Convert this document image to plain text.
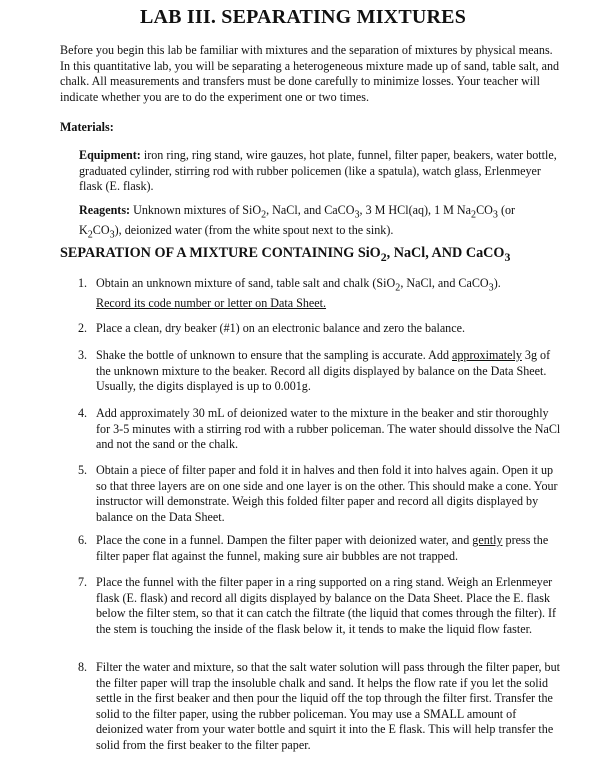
LAB III. SEPARATING MIXTURES
Before you begin this lab be familiar with mixtures and the separation of mixtures by physical means. In this quantitative lab, you will be separating a heterogeneous mixture made up of sand, table salt, and chalk. All measurements and transfers must be done carefully to minimize losses. Your teacher will indicate whether you are to do the experiment one or two times.
Materials:
Equipment: iron ring, ring stand, wire gauzes, hot plate, funnel, filter paper, beakers, water bottle, graduated cylinder, stirring rod with rubber policemen (like a spatula), watch glass, Erlenmeyer flask (E. flask).
Reagents: Unknown mixtures of SiO$_2$, NaCl, and CaCO$_3$, 3 M HCl(aq), 1 M $Na_2CO_3$ (or $K_2CO_3$), deionized water (from the white spout next to the sink).
SEPARATION OF A MIXTURE CONTAINING SiO$_2$, NaCl, AND CaCO$_3$
1. Obtain an unknown mixture of sand, table salt and chalk (SiO$_2$, NaCl, and CaCO$_3$).
Record its code number or letter on Data Sheet.
2. Place a clean, dry beaker (#1) on an electronic balance and zero the balance.
3. Shake the bottle of unknown to ensure that the sampling is accurate. Add approximately 3g of the unknown mixture to the beaker. Record all digits displayed by balance on the Data Sheet. Usually, the digits displayed is up to 0.001g.
4. Add approximately 30 mL of deionized water to the mixture in the beaker and stir thoroughly for 3-5 minutes with a stirring rod with a rubber policeman. The water should dissolve the NaCl and not the sand or the chalk.
5. Obtain a piece of filter paper and fold it in halves and then fold it into halves again. Open it up so that three layers are on one side and one layer is on the other. This should make a cone. Your instructor will demonstrate. Weigh this folded filter paper and record all digits displayed by balance on the Data Sheet.
6. Place the cone in a funnel. Dampen the filter paper with deionized water, and gently press the filter paper flat against the funnel, making sure air bubbles are not trapped.
7. Place the funnel with the filter paper in a ring supported on a ring stand. Weigh an Erlenmeyer flask (E. flask) and record all digits displayed by balance on the Data Sheet. Place the E. flask below the filter stem, so that it can catch the filtrate (the liquid that comes through the filter). If the stem is touching the inside of the flask below it, it tends to make the liquid flow faster.
8. Filter the water and mixture, so that the salt water solution will pass through the filter paper, but the filter paper will trap the insoluble chalk and sand. It helps the flow rate if you let the solid settle in the first beaker and then pour the liquid off the top through the filter first. Transfer the solid to the filter paper, using the rubber policeman. You may use a SMALL amount of deionized water from your water bottle and squirt it into the E flask. This will help transfer the solid from the first beaker to the filter paper.
